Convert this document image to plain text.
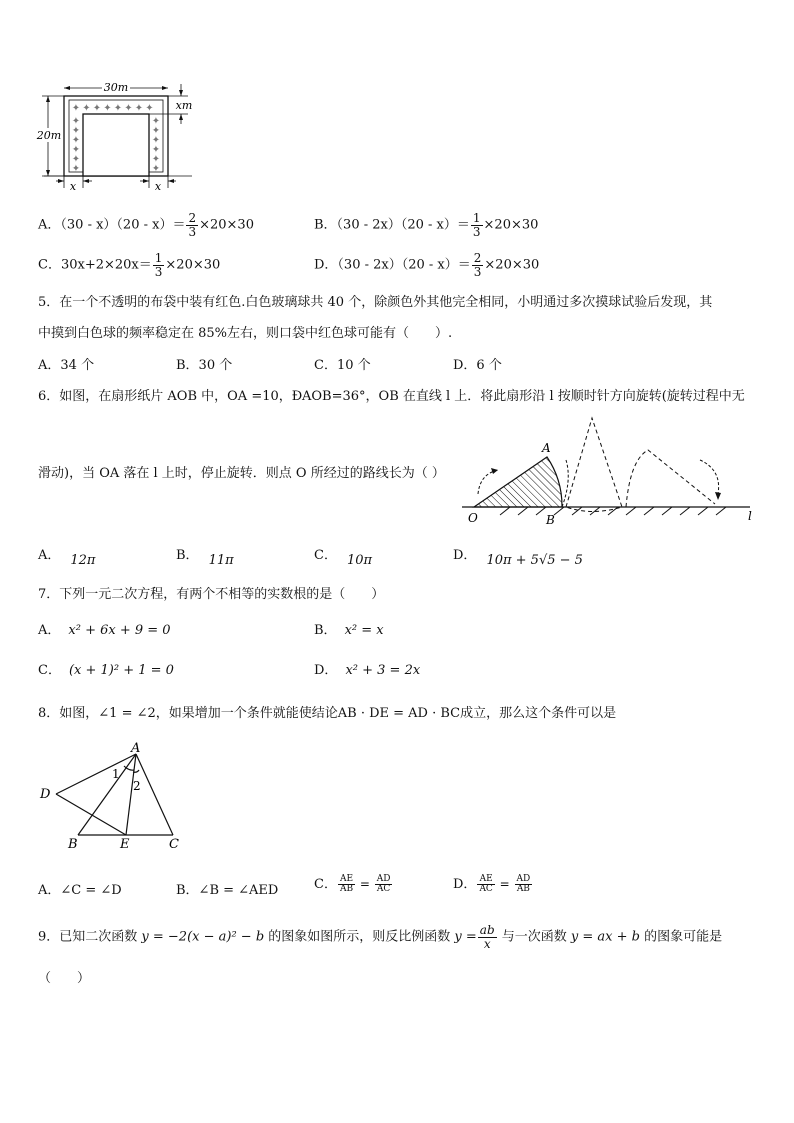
✦ ✦ ✦ ✦ ✦ ✦ ✦ ✦
✦	✦
✦	✦
✦	✦
✦	✦
✦	✦
✦	✦
30m
20m
xm
x	x
A．$(30 - x)(20 - x)= \frac{2}{3} \times 20\times 30$	B．$(30 - 2x)(20 - x)= \frac{1}{3} \times 20\times 30$
C．$30x+2\times 20x= \frac{1}{3} \times 20\times 30$	D．$(30 - 2x)(20 - x)= \frac{2}{3} \times 20\times 30$
5．在一个不透明的布袋中装有红色.白色玻璃球共 40 个，除颜色外其他完全相同，小明通过多次摸球试验后发现，其
中摸到白色球的频率稳定在 85%左右，则口袋中红色球可能有（　　）.
A．34 个	B．30 个	C．10 个	D．6 个
6．如图，在扇形纸片 AOB 中，OA =10，ÐAOB=36°，OB 在直线 l 上．将此扇形沿 l 按顺时针方向旋转(旋转过程中无
滑动)，当 OA 落在 l 上时，停止旋转．则点 O 所经过的路线长为（ ）
A
O	B	l
A． 12π	B． 11π	C． 10π	D． 10π + 5√5 − 5
7．下列一元二次方程，有两个不相等的实数根的是（　　）
A． x² + 6x + 9 = 0	B． x² = x
C． (x + 1)² + 1 = 0	D． x² + 3 = 2x
8．如图，∠1 = ∠2，如果增加一个条件就能使结论AB · DE = AD · BC成立，那么这个条件可以是
A
D
B	E	C
1
2
A．∠C = ∠D	B．∠B = ∠AED	C． $\frac{AE}{AB} = \frac{AD}{AC}$	D． $\frac{AE}{AC} = \frac{AD}{AB}$
9．已知二次函数 y = −2(x − a)² − b 的图象如图所示，则反比例函数 $y = \frac{ab}{x}$ 与一次函数 y = ax + b 的图象可能是
（　　）
